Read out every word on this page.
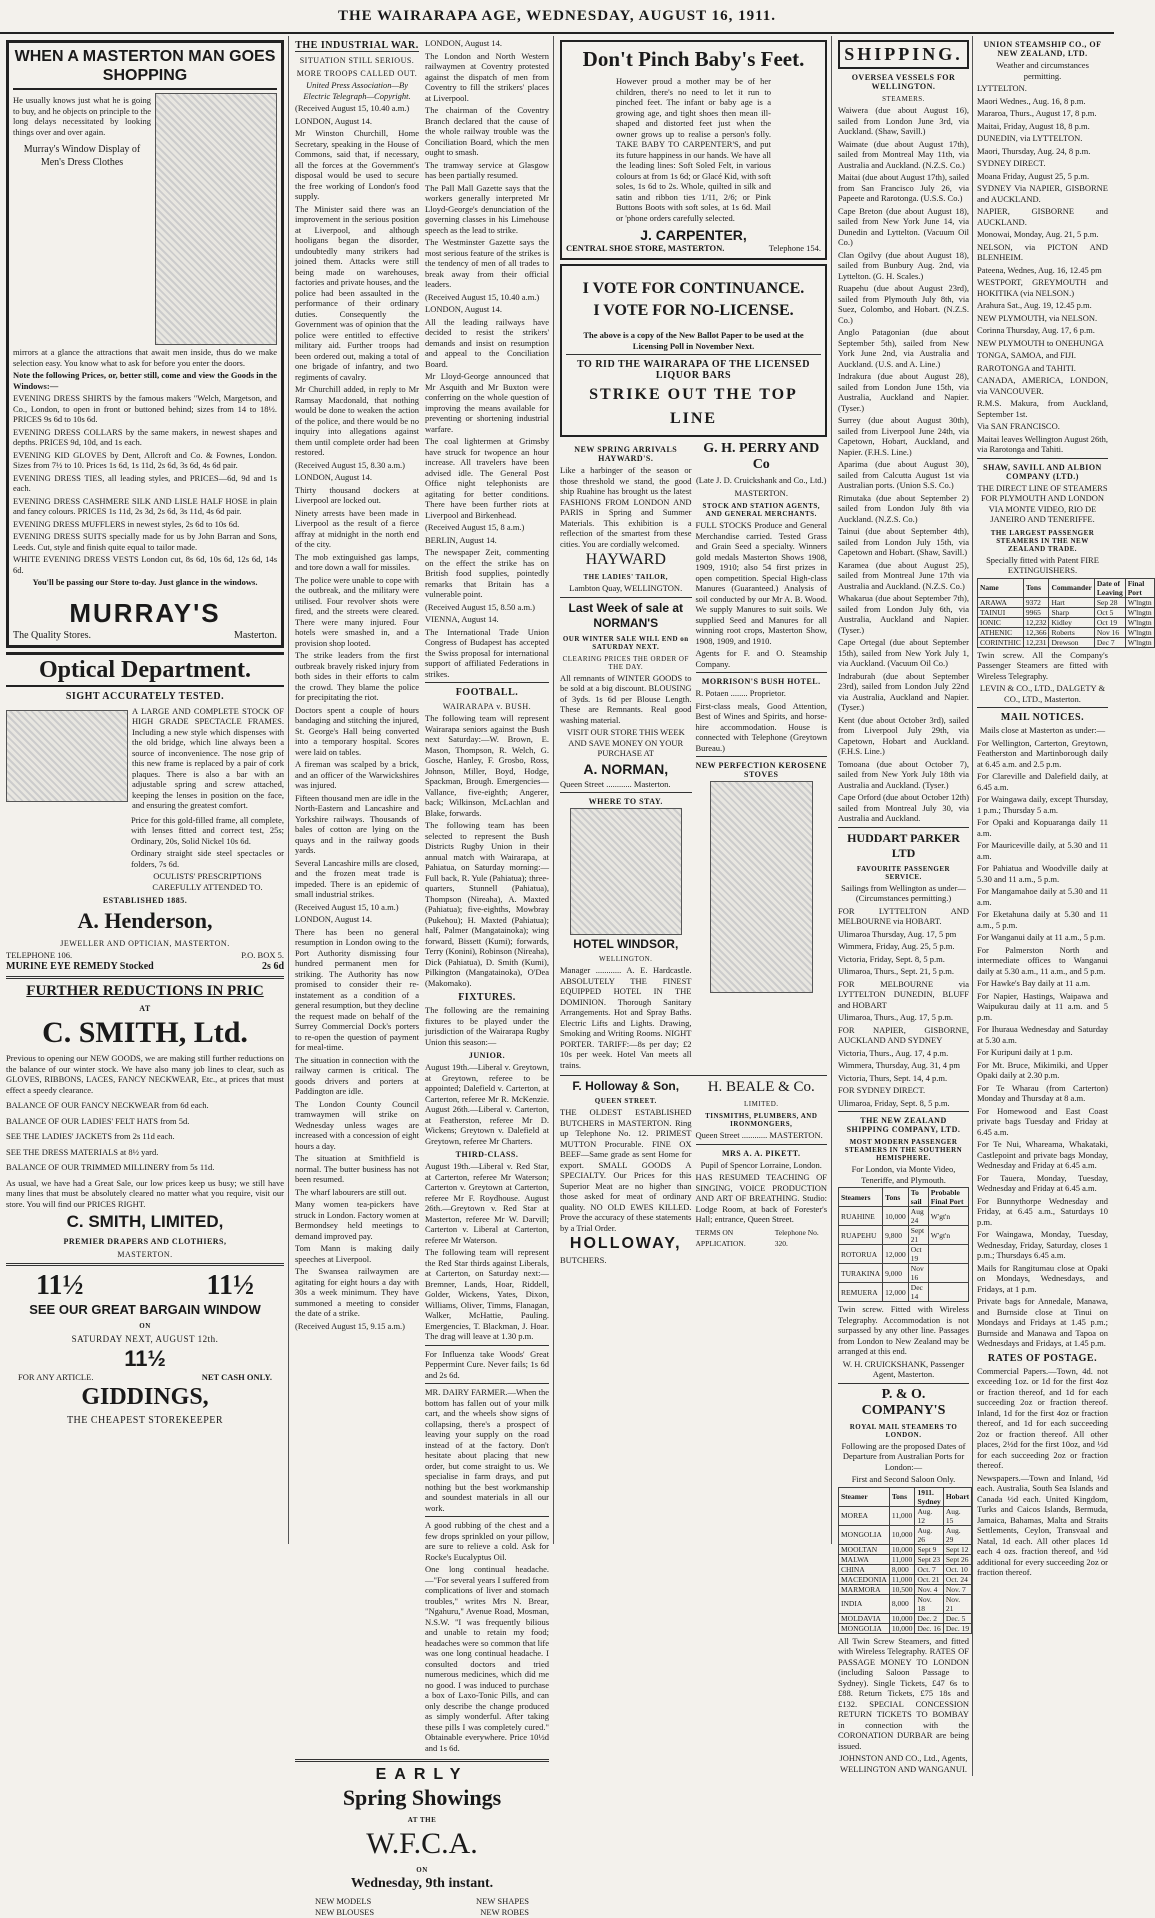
THE WAIRARAPA AGE, WEDNESDAY, AUGUST 16, 1911.
WHEN A MASTERTON MAN GOES SHOPPING
He usually knows just what he is going to buy, and he objects on principle to the long delays necessitated by looking things over and over again.
Murray's Window Display of Men's Dress Clothes
mirrors at a glance the attractions that await men inside, thus do we make selection easy. You know what to ask for before you enter the doors.
Note the following Prices, or, better still, come and view the Goods in the Windows:—
EVENING DRESS SHIRTS by the famous makers "Welch, Margetson, and Co., London, to open in front or buttoned behind; sizes from 14 to 18½. PRICES 9s 6d to 10s 6d.
EVENING DRESS COLLARS by the same makers, in newest shapes and depths. PRICES 9d, 10d, and 1s each.
EVENING KID GLOVES by Dent, Allcroft and Co. & Fownes, London. Sizes from 7½ to 10. Prices 1s 6d, 1s 11d, 2s 6d, 3s 6d, 4s 6d pair.
EVENING DRESS TIES, all leading styles, and PRICES—6d, 9d and 1s each.
EVENING DRESS CASHMERE SILK AND LISLE HALF HOSE in plain and fancy colours. PRICES 1s 11d, 2s 3d, 2s 6d, 3s 11d, 4s 6d pair.
EVENING DRESS MUFFLERS in newest styles, 2s 6d to 10s 6d.
EVENING DRESS SUITS specially made for us by John Barran and Sons, Leeds. Cut, style and finish quite equal to tailor made.
WHITE EVENING DRESS VESTS London cut, 8s 6d, 10s 6d, 12s 6d, 14s 6d.
You'll be passing our Store to-day. Just glance in the windows.
MURRAY'S
The Quality Stores.	Masterton.
Optical Department.
SIGHT ACCURATELY TESTED.
A LARGE AND COMPLETE STOCK OF HIGH GRADE SPECTACLE FRAMES. Including a new style which dispenses with the old bridge, which line always been a source of inconvenience. The nose grip of this new frame is replaced by a pair of cork plaques. There is also a bar with an adjustable spring and screw attached, keeping the lenses in position on the face, and ensuring the greatest comfort.
Price for this gold-filled frame, all complete, with lenses fitted and correct test, 25s; Ordinary, 20s, Solid Nickel 10s 6d.
Ordinary straight side steel spectacles or folders, 7s 6d.
OCULISTS' PRESCRIPTIONS CAREFULLY ATTENDED TO.
ESTABLISHED 1885.
A. Henderson,
JEWELLER AND OPTICIAN, MASTERTON.
TELEPHONE 106.	P.O. BOX 5.
MURINE EYE REMEDY Stocked	2s 6d
FURTHER REDUCTIONS IN PRIC
AT
C. SMITH, Ltd.
Previous to opening our NEW GOODS, we are making still further reductions on the balance of our winter stock. We have also many job lines to clear, such as GLOVES, RIBBONS, LACES, FANCY NECKWEAR, Etc., at prices that must effect a speedy clearance.
BALANCE OF OUR FANCY NECKWEAR from 6d each.
BALANCE OF OUR LADIES' FELT HATS from 5d.
SEE THE LADIES' JACKETS from 2s 11d each.
SEE THE DRESS MATERIALS at 8½ yard.
BALANCE OF OUR TRIMMED MILLINERY from 5s 11d.
As usual, we have had a Great Sale, our low prices keep us busy; we still have many lines that must be absolutely cleared no matter what you require, visit our store. You will find our PRICES RIGHT.
C. SMITH, LIMITED,
PREMIER DRAPERS AND CLOTHIERS,
MASTERTON.
11½	11½
SEE OUR GREAT BARGAIN WINDOW
ON
SATURDAY NEXT, AUGUST 12th.
11½
FOR ANY ARTICLE.	NET CASH ONLY.
GIDDINGS,
THE CHEAPEST STOREKEEPER
THE INDUSTRIAL WAR.
SITUATION STILL SERIOUS.
MORE TROOPS CALLED OUT.
United Press Association—By Electric Telegraph—Copyright.
(Received August 15, 10.40 a.m.)
LONDON, August 14.
Mr Winston Churchill, Home Secretary, speaking in the House of Commons, said that, if necessary, all the forces at the Government's disposal would be used to secure the free working of London's food supply.
The Minister said there was an improvement in the serious position at Liverpool, and although hooligans began the disorder, undoubtedly many strikers had joined them. Attacks were still being made on warehouses, factories and private houses, and the police had been assaulted in the performance of their ordinary duties. Consequently the Government was of opinion that the police were entitled to effective military aid. Further troops had been ordered out, making a total of one brigade of infantry, and two regiments of cavalry.
Mr Churchill added, in reply to Mr Ramsay Macdonald, that nothing would be done to weaken the action of the police, and there would be no inquiry into allegations against them until complete order had been restored.
(Received August 15, 8.30 a.m.)
LONDON, August 14.
Thirty thousand dockers at Liverpool are locked out.
Ninety arrests have been made in Liverpool as the result of a fierce affray at midnight in the north end of the city.
The mob extinguished gas lamps, and tore down a wall for missiles.
The police were unable to cope with the outbreak, and the military were utilised. Four revolver shots were fired, and the streets were cleared. There were many injured. Four hotels were smashed in, and a provision shop looted.
The strike leaders from the first outbreak bravely risked injury from both sides in their efforts to calm the crowd. They blame the police for precipitating the riot.
Doctors spent a couple of hours bandaging and stitching the injured, St. George's Hall being converted into a temporary hospital. Scores were laid on tables.
A fireman was scalped by a brick, and an officer of the Warwickshires was injured.
Fifteen thousand men are idle in the North-Eastern and Lancashire and Yorkshire railways. Thousands of bales of cotton are lying on the quays and in the railway goods yards.
Several Lancashire mills are closed, and the frozen meat trade is impeded. There is an epidemic of small industrial strikes.
(Received August 15, 10 a.m.)
LONDON, August 14.
There has been no general resumption in London owing to the Port Authority dismissing four hundred permanent men for striking. The Authority has now promised to consider their re-instatement as a condition of a general resumption, but they decline the request made on behalf of the Surrey Commercial Dock's porters to re-open the question of payment for meal-time.
The situation in connection with the railway carmen is critical. The goods drivers and porters at Paddington are idle.
The London County Council tramwaymen will strike on Wednesday unless wages are increased with a concession of eight hours a day.
The situation at Smithfield is normal. The butter business has not been resumed.
The wharf labourers are still out.
Many women tea-pickers have struck in London. Factory women at Bermondsey held meetings to demand improved pay.
Tom Mann is making daily speeches at Liverpool.
The Swansea railwaymen are agitating for eight hours a day with 30s a week minimum. They have summoned a meeting to consider the date of a strike.
(Received August 15, 9.15 a.m.)
LONDON, August 14.
The London and North Western railwaymen at Coventry protested against the dispatch of men from Coventry to fill the strikers' places at Liverpool.
The chairman of the Coventry Branch declared that the cause of the whole railway trouble was the Conciliation Board, which the men ought to smash.
The tramway service at Glasgow has been partially resumed.
The Pall Mall Gazette says that the workers generally interpreted Mr Lloyd-George's denunciation of the governing classes in his Limehouse speech as the lead to strike.
The Westminster Gazette says the most serious feature of the strikes is the tendency of men of all trades to break away from their official leaders.
(Received August 15, 10.40 a.m.)
LONDON, August 14.
All the leading railways have decided to resist the strikers' demands and insist on resumption and appeal to the Conciliation Board.
Mr Lloyd-George announced that Mr Asquith and Mr Buxton were conferring on the whole question of improving the means available for preventing or shortening industrial warfare.
The coal lightermen at Grimsby have struck for twopence an hour increase. All travelers have been advised idle. The General Post Office night telephonists are agitating for better conditions. There have been further riots at Liverpool and Birkenhead.
(Received August 15, 8 a.m.)
BERLIN, August 14.
The newspaper Zeit, commenting on the effect the strike has on British food supplies, pointedly remarks that Britain has a vulnerable point.
(Received August 15, 8.50 a.m.)
VIENNA, August 14.
The International Trade Union Congress of Budapest has accepted the Swiss proposal for international support of affiliated Federations in strikes.
FOOTBALL.
WAIRARAPA v. BUSH.
The following team will represent Wairarapa seniors against the Bush next Saturday:—W. Brown, E. Mason, Thompson, R. Welch, G. Gosche, Hanley, F. Grosbo, Ross, Johnson, Miller, Boyd, Hodge, Spackman, Brough. Emergencies—Vallance, five-eighth; Angerer, back; Wilkinson, McLachlan and Blake, forwards.
The following team has been selected to represent the Bush Districts Rugby Union in their annual match with Wairarapa, at Pahiatua, on Saturday morning:—Full back, R. Yule (Pahiatua); three-quarters, Stunnell (Pahiatua), Thompson (Nireaha), A. Maxted (Pahiatua); five-eighths, Mowbray (Pukehou); H. Maxted (Pahiatua); half, Palmer (Mangatainoka); wing forward, Bissett (Kumi); forwards, Terry (Konini), Robinson (Nireaha), Dick (Pahiatua), D. Smith (Kumi), Pilkington (Mangatainoka), O'Dea (Makomako).
FIXTURES.
The following are the remaining fixtures to be played under the jurisdiction of the Wairarapa Rugby Union this season:—
JUNIOR.
August 19th.—Liberal v. Greytown, at Greytown, referee to be appointed; Dalefield v. Carterton, at Carterton, referee Mr R. McKenzie. August 26th.—Liberal v. Carterton, at Featherston, referee Mr D. Wickens; Greytown v. Dalefield at Greytown, referee Mr Charters.
THIRD-CLASS.
August 19th.—Liberal v. Red Star, at Carterton, referee Mr Waterson; Carterton v. Greytown at Carterton, referee Mr F. Roydhouse. August 26th.—Greytown v. Red Star at Masterton, referee Mr W. Darvill; Carterton v. Liberal at Carterton, referee Mr Waterson.
The following team will represent the Red Star thirds against Liberals, at Carterton, on Saturday next:—Bremner, Lands, Hoar, Riddell, Golder, Wickens, Yates, Dixon, Williams, Oliver, Timms, Flanagan, Walker, McHattie, Pauling. Emergencies, T. Blackman, J. Hoar. The drag will leave at 1.30 p.m.
For Influenza take Woods' Great Peppermint Cure. Never fails; 1s 6d and 2s 6d.
MR. DAIRY FARMER.—When the bottom has fallen out of your milk cart, and the wheels show signs of collapsing, there's a prospect of leaving your supply on the road instead of at the factory. Don't hesitate about placing that new order, but come straight to us. We specialise in farm drays, and put nothing but the best workmanship and soundest materials in all our work.
A good rubbing of the chest and a few drops sprinkled on your pillow, are sure to relieve a cold. Ask for Rocke's Eucalyptus Oil.
One long continual headache.—"For several years I suffered from complications of liver and stomach troubles," writes Mrs N. Brear, "Ngahuru," Avenue Road, Mosman, N.S.W. "I was frequently bilious and unable to retain my food; headaches were so common that life was one long continual headache. I consulted doctors and tried numerous medicines, which did me no good. I was induced to purchase a box of Laxo-Tonic Pills, and can only describe the change produced as simply wonderful. After taking these pills I was completely cured." Obtainable everywhere. Price 10½d and 1s 6d.
EARLY
Spring Showings
AT THE
W.F.C.A.
ON
Wednesday, 9th instant.
NEW MODELS	NEW SHAPES
NEW BLOUSES	NEW ROBES
Don't Pinch Baby's Feet.
However proud a mother may be of her children, there's no need to let it run to pinched feet. The infant or baby age is a growing age, and tight shoes then mean ill-shaped and distorted feet just when the owner grows up to realise a person's folly. TAKE BABY TO CARPENTER'S, and put its future happiness in our hands. We have all the leading lines: Soft Soled Felt, in various colours at from 1s 6d; or Glacé Kid, with soft soles, 1s 6d to 2s. Whole, quilted in silk and satin and ribbon ties 1/11, 2/6; or Pink Buttons Boots with soft soles, at 1s 6d. Mail or 'phone orders carefully selected.
J. CARPENTER,
CENTRAL SHOE STORE, MASTERTON.	Telephone 154.
I VOTE FOR CONTINUANCE.
I VOTE FOR NO-LICENSE.
The above is a copy of the New Ballot Paper to be used at the Licensing Poll in November Next.
TO RID THE WAIRARAPA OF THE LICENSED LIQUOR BARS
STRIKE OUT THE TOP LINE
NEW SPRING ARRIVALS HAYWARD'S.
Like a harbinger of the season or those threshold we stand, the good ship Ruahine has brought us the latest FASHIONS FROM LONDON AND PARIS in Spring and Summer Materials. This exhibition is a reflection of the smartest from these cities. You are cordially welcomed.
HAYWARD
THE LADIES' TAILOR,
Lambton Quay, WELLINGTON.
Last Week of sale at NORMAN'S
OUR WINTER SALE WILL END on SATURDAY NEXT.
CLEARING PRICES THE ORDER OF THE DAY.
All remnants of WINTER GOODS to be sold at a big discount. BLOUSING of 3yds. 1s 6d per Blouse Length. These are Remnants. Real good washing material.
VISIT OUR STORE THIS WEEK AND SAVE MONEY ON YOUR PURCHASE AT
A. NORMAN,
Queen Street ............ Masterton.
WHERE TO STAY.
HOTEL WINDSOR,
WELLINGTON.
Manager ............ A. E. Hardcastle. ABSOLUTELY THE FINEST EQUIPPED HOTEL IN THE DOMINION. Thorough Sanitary Arrangements. Hot and Spray Baths. Electric Lifts and Lights. Drawing, Smoking and Writing Rooms. NIGHT PORTER. TARIFF:—8s per day; £2 10s per week. Hotel Van meets all trains.
G. H. PERRY AND Co
(Late J. D. Cruickshank and Co., Ltd.)
MASTERTON.
STOCK AND STATION AGENTS, AND GENERAL MERCHANTS.
FULL STOCKS Produce and General Merchandise carried. Tested Grass and Grain Seed a specialty. Winners gold medals Masterton Shows 1908, 1909, 1910; also 54 first prizes in open competition. Special High-class Manures (Guaranteed.) Analysis of soil conducted by our Mr A. B. Wood. We supply Manures to suit soils. We supplied Seed and Manures for all winning root crops, Masterton Show, 1908, 1909, and 1910.
Agents for F. and O. Steamship Company.
MORRISON'S BUSH HOTEL.
R. Potaen ........ Proprietor.
First-class meals, Good Attention, Best of Wines and Spirits, and horse-hire accommodation. House is connected with Telephone (Greytown Bureau.)
NEW PERFECTION KEROSENE STOVES
F. Holloway & Son,
QUEEN STREET.
THE OLDEST ESTABLISHED BUTCHERS in MASTERTON. Ring up Telephone No. 12. PRIMEST MUTTON Procurable. FINE OX BEEF—Same grade as sent Home for export. SMALL GOODS A SPECIALTY. Our Prices for this Superior Meat are no higher than those asked for meat of ordinary quality. NO OLD EWES KILLED. Prove the accuracy of these statements by a Trial Order.
HOLLOWAY,
BUTCHERS.
H. BEALE & Co.
LIMITED.
TINSMITHS, PLUMBERS, AND IRONMONGERS,
Queen Street ............ MASTERTON.
MRS A. A. PIKETT.
Pupil of Spencor Lorraine, London.
HAS RESUMED TEACHING OF SINGING, VOICE PRODUCTION AND ART OF BREATHING. Studio: Lodge Room, at back of Forester's Hall; entrance, Queen Street.
TERMS ON APPLICATION.
Telephone No. 320.
SHIPPING.
OVERSEA VESSELS FOR WELLINGTON.
STEAMERS.
Waiwera (due about August 16), sailed from London June 3rd, via Auckland. (Shaw, Savill.)
Waimate (due about August 17th), sailed from Montreal May 11th, via Australia and Auckland. (N.Z.S. Co.)
Maitai (due about August 17th), sailed from San Francisco July 26, via Papeete and Rarotonga. (U.S.S. Co.)
Cape Breton (due about August 18), sailed from New York June 14, via Dunedin and Lyttelton. (Vacuum Oil Co.)
Clan Ogilvy (due about August 18), sailed from Bunbury Aug. 2nd, via Lyttelton. (G. H. Scales.)
Ruapehu (due about August 23rd), sailed from Plymouth July 8th, via Suez, Colombo, and Hobart. (N.Z.S. Co.)
Anglo Patagonian (due about September 5th), sailed from New York June 2nd, via Australia and Auckland. (U.S. and A. Line.)
Indrakura (due about August 28), sailed from London June 15th, via Australia, Auckland and Napier. (Tyser.)
Surrey (due about August 30th), sailed from Liverpool June 24th, via Capetown, Hobart, Auckland, and Napier. (F.H.S. Line.)
Aparima (due about August 30), sailed from Calcutta August 1st via Australian ports. (Union S.S. Co.)
Rimutaka (due about September 2) sailed from London July 8th via Auckland. (N.Z.S. Co.)
Tainui (due about September 4th), sailed from London July 15th, via Capetown and Hobart. (Shaw, Savill.)
Karamea (due about August 25), sailed from Montreal June 17th via Australia and Auckland. (N.Z.S. Co.)
Whakarua (due about September 7th), sailed from London July 6th, via Australia, Auckland and Napier. (Tyser.)
Cape Ortegal (due about September 15th), sailed from New York July 1, via Auckland. (Vacuum Oil Co.)
Indraburah (due about September 23rd), sailed from London July 22nd via Australia, Auckland and Napier. (Tyser.)
Kent (due about October 3rd), sailed from Liverpool July 29th, via Capetown, Hobart and Auckland. (F.H.S. Line.)
Tomoana (due about October 7), sailed from New York July 18th via Australia and Auckland. (Tyser.)
Cape Orford (due about October 12th) sailed from Montreal July 30, via Australia and Auckland.
HUDDART PARKER LTD
FAVOURITE PASSENGER SERVICE.
Sailings from Wellington as under—(Circumstances permitting.)
FOR LYTTELTON AND MELBOURNE via HOBART.
Ulimaroa Thursday, Aug. 17, 5 pm
Wimmera, Friday, Aug. 25, 5 p.m.
Victoria, Friday, Sept. 8, 5 p.m.
Ulimaroa, Thurs., Sept. 21, 5 p.m.
FOR MELBOURNE via LYTTELTON DUNEDIN, BLUFF and HOBART
Ulimaroa, Thurs., Aug. 17, 5 p.m.
FOR NAPIER, GISBORNE, AUCKLAND AND SYDNEY
Victoria, Thurs., Aug. 17, 4 p.m.
Wimmera, Thursday, Aug. 31, 4 pm
Victoria, Thurs, Sept. 14, 4 p.m.
FOR SYDNEY DIRECT.
Ulimaroa, Friday, Sept. 8, 5 p.m.
THE NEW ZEALAND SHIPPING COMPANY, LTD.
MOST MODERN PASSENGER STEAMERS IN THE SOUTHERN HEMISPHERE.
For London, via Monte Video, Teneriffe, and Plymouth.
Steamers	Tons	To sail	Probable Final Port
RUAHINE	10,000	Aug 24	W'gt'n
RUAPEHU	9,800	Sept 21	W'gt'n
ROTORUA	12,000	Oct 19	
TURAKINA	9,000	Nov 16	
REMUERA	12,000	Dec 14	
Twin screw. Fitted with Wireless Telegraphy. Accommodation is not surpassed by any other line. Passages from London to New Zealand may be arranged at this end.
W. H. CRUICKSHANK, Passenger Agent, Masterton.
P. & O. COMPANY'S
ROYAL MAIL STEAMERS TO LONDON.
Following are the proposed Dates of Departure from Australian Ports for London:—
First and Second Saloon Only.
Steamer	Tons	1911. Sydney	Hobart
MOREA	11,000	Aug. 12	Aug. 15
MONGOLIA	10,000	Aug. 26	Aug. 29
MOOLTAN	10,000	Sept 9	Sept 12
MALWA	11,000	Sept 23	Sept 26
CHINA	8,000	Oct. 7	Oct. 10
MACEDONIA	11,000	Oct. 21	Oct. 24
MARMORA	10,500	Nov. 4	Nov. 7
INDIA	8,000	Nov. 18	Nov. 21
MOLDAVIA	10,000	Dec. 2	Dec. 5
MONGOLIA	10,000	Dec. 16	Dec. 19
All Twin Screw Steamers, and fitted with Wireless Telegraphy. RATES OF PASSAGE MONEY TO LONDON (including Saloon Passage to Sydney). Single Tickets, £47 6s to £88. Return Tickets, £75 18s and £132. SPECIAL CONCESSION RETURN TICKETS TO BOMBAY in connection with the CORONATION DURBAR are being issued.
JOHNSTON AND CO., Ltd., Agents, WELLINGTON AND WANGANUI.
UNION STEAMSHIP CO., OF NEW ZEALAND, LTD.
Weather and circumstances permitting.
LYTTELTON.
Maori Wednes., Aug. 16, 8 p.m.
Mararoa, Thurs., August 17, 8 p.m.
Maitai, Friday, August 18, 8 p.m.
DUNEDIN, via LYTTELTON.
Maori, Thursday, Aug. 24, 8 p.m.
SYDNEY DIRECT.
Moana Friday, August 25, 5 p.m.
SYDNEY Via NAPIER, GISBORNE and AUCKLAND.
NAPIER, GISBORNE and AUCKLAND.
Monowai, Monday, Aug. 21, 5 p.m.
NELSON, via PICTON AND BLENHEIM.
Pateena, Wednes, Aug. 16, 12.45 pm
WESTPORT, GREYMOUTH and HOKITIKA (via NELSON.)
Arahura Sat., Aug. 19, 12.45 p.m.
NEW PLYMOUTH, via NELSON.
Corinna Thursday, Aug. 17, 6 p.m.
NEW PLYMOUTH to ONEHUNGA
TONGA, SAMOA, and FIJI.
RAROTONGA and TAHITI.
CANADA, AMERICA, LONDON, via VANCOUVER.
R.M.S. Makura, from Auckland, September 1st.
Via SAN FRANCISCO.
Maitai leaves Wellington August 26th, via Rarotonga and Tahiti.
SHAW, SAVILL AND ALBION COMPANY (LTD.)
THE DIRECT LINE OF STEAMERS FOR PLYMOUTH AND LONDON VIA MONTE VIDEO, RIO DE JANEIRO AND TENERIFFE.
THE LARGEST PASSENGER STEAMERS IN THE NEW ZEALAND TRADE.
Specially fitted with Patent FIRE EXTINGUISHERS.
Name	Tons	Commander	Date of Leaving	Final Port
ARAWA	9372	Hart	Sep 28	W'lngtn
TAINUI	9965	Sharp	Oct 5	W'lngtn
IONIC	12,232	Kidley	Oct 19	W'lngtn
ATHENIC	12,366	Roberts	Nov 16	W'lngtn
CORINTHIC	12,231	Drewson	Dec 7	W'lngtn
Twin screw. All the Company's Passenger Steamers are fitted with Wireless Telegraphy.
LEVIN & CO., LTD., DALGETY & CO., LTD., Masterton.
MAIL NOTICES.
Mails close at Masterton as under:—
For Wellington, Carterton, Greytown, Featherston and Martinborough daily at 6.45 a.m. and 2.5 p.m.
For Clareville and Dalefield daily, at 6.45 a.m.
For Waingawa daily, except Thursday, 1 p.m.; Thursday 5 a.m.
For Opaki and Kopuaranga daily 11 a.m.
For Mauriceville daily, at 5.30 and 11 a.m.
For Pahiatua and Woodville daily at 5.30 and 11 a.m., 5 p.m.
For Mangamahoe daily at 5.30 and 11 a.m.
For Eketahuna daily at 5.30 and 11 a.m., 5 p.m.
For Wanganui daily at 11 a.m., 5 p.m.
For Palmerston North and intermediate offices to Wanganui daily at 5.30 a.m., 11 a.m., and 5 p.m.
For Hawke's Bay daily at 11 a.m.
For Napier, Hastings, Waipawa and Waipukurau daily at 11 a.m. and 5 p.m.
For Ihuraua Wednesday and Saturday at 5.30 a.m.
For Kuripuni daily at 1 p.m.
For Mt. Bruce, Mikimiki, and Upper Opaki daily at 2.30 p.m.
For Te Wharau (from Carterton) Monday and Thursday at 8 a.m.
For Homewood and East Coast private bags Tuesday and Friday at 6.45 a.m.
For Te Nui, Whareama, Whakataki, Castlepoint and private bags Monday, Wednesday and Friday at 6.45 a.m.
For Tauera, Monday, Tuesday, Wednesday and Friday at 6.45 a.m.
For Bunnythorpe Wednesday and Friday, at 6.45 a.m., Saturdays 10 p.m.
For Waingawa, Monday, Tuesday, Wednesday, Friday, Saturday, closes 1 p.m.; Thursdays 6.45 a.m.
Mails for Rangitumau close at Opaki on Mondays, Wednesdays, and Fridays, at 1 p.m.
Private bags for Annedale, Manawa, and Burnside close at Tinui on Mondays and Fridays at 1.45 p.m.; Burnside and Manawa and Tapoa on Wednesdays and Fridays, at 1.45 p.m.
RATES OF POSTAGE.
Commercial Papers.—Town, 4d. not exceeding 1oz. or 1d for the first 4oz or fraction thereof, and 1d for each succeeding 2oz or fraction thereof. Inland, 1d for the first 4oz or fraction thereof, and 1d for each succeeding 2oz or fraction thereof. All other places, 2½d for the first 10oz, and ½d for each succeeding 2oz or fraction thereof.
Newspapers.—Town and Inland, ½d each. Australia, South Sea Islands and Canada ½d each. United Kingdom, Turks and Caicos Islands, Bermuda, Jamaica, Bahamas, Malta and Straits Settlements, Ceylon, Transvaal and Natal, 1d each. All other places 1d each 4 ozs. fraction thereof, and ½d additional for every succeeding 2oz or fraction thereof.
